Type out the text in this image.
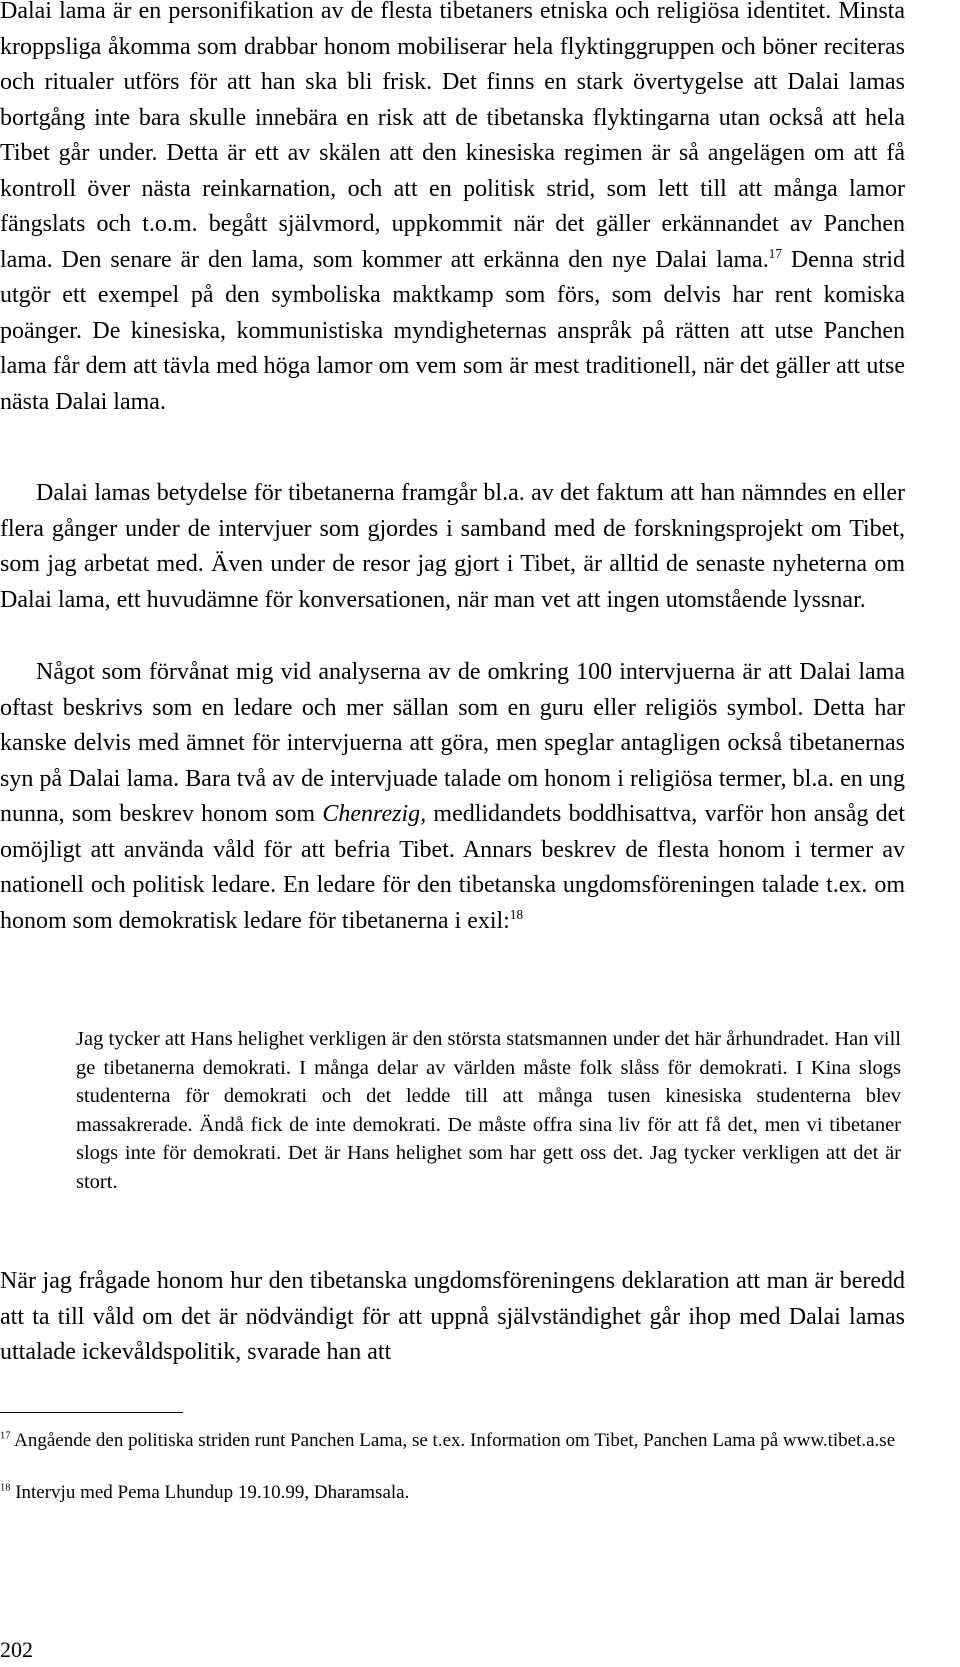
Dalai lama är en personifikation av de flesta tibetaners etniska och religiösa identitet. Minsta kroppsliga åkomma som drabbar honom mobiliserar hela flyktinggruppen och böner reciteras och ritualer utförs för att han ska bli frisk. Det finns en stark övertygelse att Dalai lamas bortgång inte bara skulle innebära en risk att de tibetanska flyktingarna utan också att hela Tibet går under. Detta är ett av skälen att den kinesiska regimen är så angelägen om att få kontroll över nästa reinkarnation, och att en politisk strid, som lett till att många lamor fängslats och t.o.m. begått självmord, uppkommit när det gäller erkännandet av Panchen lama. Den senare är den lama, som kommer att erkänna den nye Dalai lama.$^{17}$ Denna strid utgör ett exempel på den symboliska maktkamp som förs, som delvis har rent komiska poänger. De kinesiska, kommunistiska myndigheternas anspråk på rätten att utse Panchen lama får dem att tävla med höga lamor om vem som är mest traditionell, när det gäller att utse nästa Dalai lama.

Dalai lamas betydelse för tibetanerna framgår bl.a. av det faktum att han nämndes en eller flera gånger under de intervjuer som gjordes i samband med de forskningsprojekt om Tibet, som jag arbetat med. Även under de resor jag gjort i Tibet, är alltid de senaste nyheterna om Dalai lama, ett huvudämne för konversationen, när man vet att ingen utomstående lyssnar.

Något som förvånat mig vid analyserna av de omkring 100 intervjuerna är att Dalai lama oftast beskrivs som en ledare och mer sällan som en guru eller religiös symbol. Detta har kanske delvis med ämnet för intervjuerna att göra, men speglar antagligen också tibetanernas syn på Dalai lama. Bara två av de intervjuade talade om honom i religiösa termer, bl.a. en ung nunna, som beskrev honom som Chenrezig, medlidandets boddhisattva, varför hon ansåg det omöjligt att använda våld för att befria Tibet. Annars beskrev de flesta honom i termer av nationell och politisk ledare. En ledare för den tibetanska ungdomsföreningen talade t.ex. om honom som demokratisk ledare för tibetanerna i exil:$^{18}$

Jag tycker att Hans helighet verkligen är den största statsmannen under det här århundradet. Han vill ge tibetanerna demokrati. I många delar av världen måste folk slåss för demokrati. I Kina slogs studenterna för demokrati och det ledde till att många tusen kinesiska studenterna blev massakrerade. Ändå fick de inte demokrati. De måste offra sina liv för att få det, men vi tibetaner slogs inte för demokrati. Det är Hans helighet som har gett oss det. Jag tycker verkligen att det är stort.

När jag frågade honom hur den tibetanska ungdomsföreningens deklaration att man är beredd att ta till våld om det är nödvändigt för att uppnå självständighet går ihop med Dalai lamas uttalade ickevåldspolitik, svarade han att

$^{17}$ Angående den politiska striden runt Panchen Lama, se t.ex. Information om Tibet, Panchen Lama på www.tibet.a.se

$^{18}$ Intervju med Pema Lhundup 19.10.99, Dharamsala.

202
